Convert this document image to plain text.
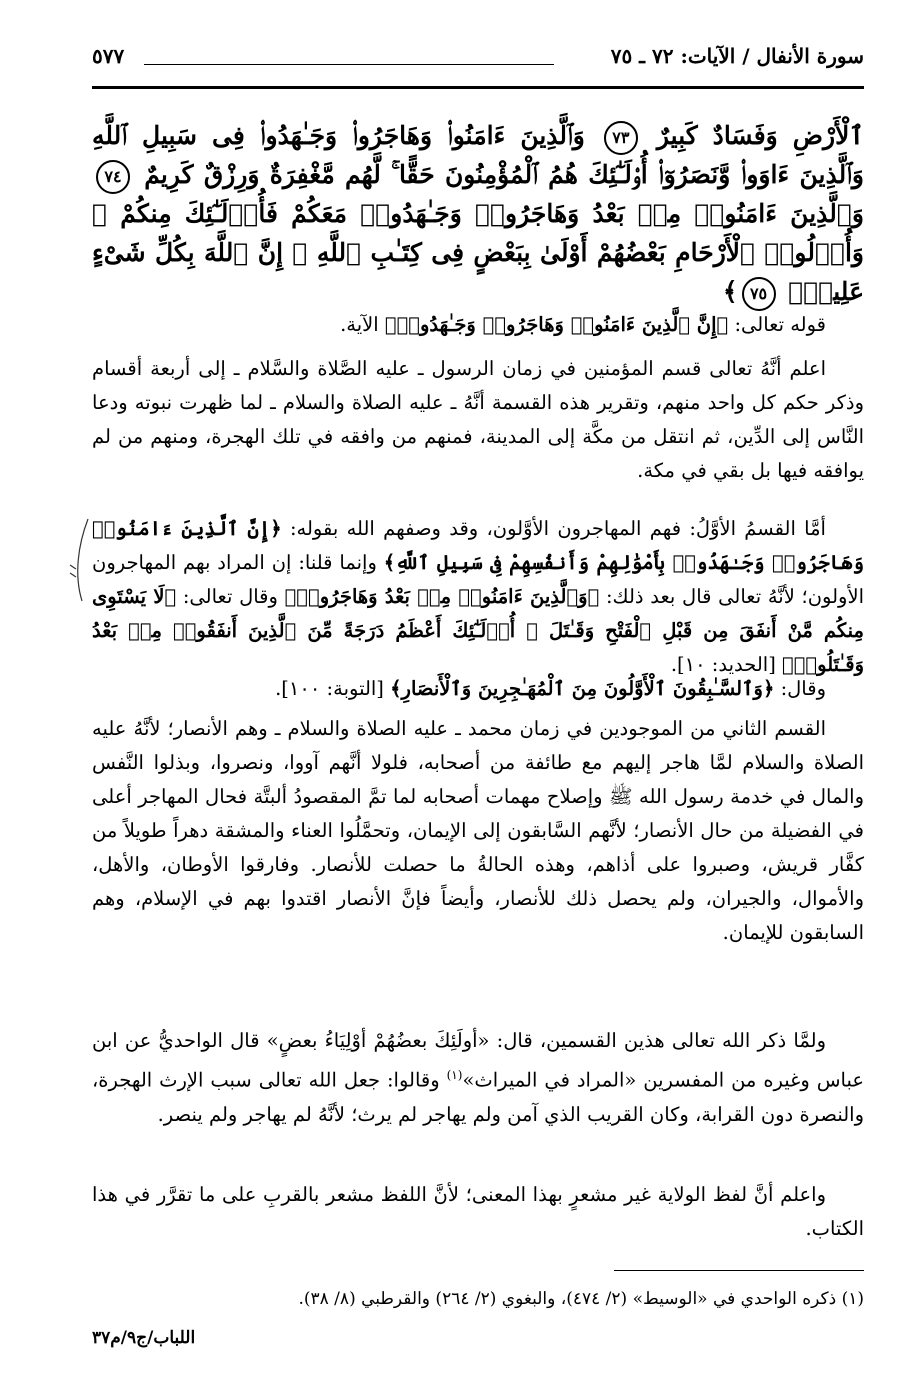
سورة الأنفال / الآيات: ٧٢ ـ ٧٥
٥٧٧
ٱلْأَرْضِ وَفَسَادٌ كَبِيرٌ ٧٣ وَٱلَّذِينَ ءَامَنُوا۟ وَهَاجَرُوا۟ وَجَـٰهَدُوا۟ فِى سَبِيلِ ٱللَّهِ وَٱلَّذِينَ ءَاوَوا۟ وَّنَصَرُوٓا۟ أُو۟لَـٰٓئِكَ هُمُ ٱلْمُؤْمِنُونَ حَقًّا ۚ لَّهُم مَّغْفِرَةٌ وَرِزْقٌ كَرِيمٌ ٧٤ وَٱلَّذِينَ ءَامَنُوا۟ مِنۢ بَعْدُ وَهَاجَرُوا۟ وَجَـٰهَدُوا۟ مَعَكُمْ فَأُو۟لَـٰٓئِكَ مِنكُمْ ۚ وَأُو۟لُوا۟ ٱلْأَرْحَامِ بَعْضُهُمْ أَوْلَىٰ بِبَعْضٍ فِى كِتَـٰبِ ٱللَّهِ ۗ إِنَّ ٱللَّهَ بِكُلِّ شَىْءٍ عَلِيمٌۢ ٧٥﴾
قوله تعالى: ﴿إِنَّ ٱلَّذِينَ ءَامَنُوا۟ وَهَاجَرُوا۟ وَجَـٰهَدُوا۟﴾ الآية.
اعلم أنَّهُ تعالى قسم المؤمنين في زمان الرسول ـ عليه الصَّلاة والسَّلام ـ إلى أربعة أقسام وذكر حكم كل واحد منهم، وتقرير هذه القسمة أنَّهُ ـ عليه الصلاة والسلام ـ لما ظهرت نبوته ودعا النَّاس إلى الدِّين، ثم انتقل من مكَّة إلى المدينة، فمنهم من وافقه في تلك الهجرة، ومنهم من لم يوافقه فيها بل بقي في مكة.
أمَّا القسمُ الأوَّلُ: فهم المهاجرون الأوَّلون، وقد وصفهم الله بقوله: ﴿إِنَّ ٱلَّذِينَ ءَامَنُوا۟ وَهَاجَرُوا۟ وَجَـٰهَدُوا۟ بِأَمْوَٰلِهِمْ وَأَنفُسِهِمْ فِى سَبِيلِ ٱللَّهِ﴾ وإنما قلنا: إن المراد بهم المهاجرون الأولون؛ لأنَّهُ تعالى قال بعد ذلك: ﴿وَٱلَّذِينَ ءَامَنُوا۟ مِنۢ بَعْدُ وَهَاجَرُوا۟﴾ وقال تعالى: ﴿لَا يَسْتَوِى مِنكُم مَّنْ أَنفَقَ مِن قَبْلِ ٱلْفَتْحِ وَقَـٰتَلَ ۚ أُو۟لَـٰٓئِكَ أَعْظَمُ دَرَجَةً مِّنَ ٱلَّذِينَ أَنفَقُوا۟ مِنۢ بَعْدُ وَقَـٰتَلُوا۟﴾ [الحديد: ١٠].
وقال: ﴿وَٱلسَّـٰبِقُونَ ٱلْأَوَّلُونَ مِنَ ٱلْمُهَـٰجِرِينَ وَٱلْأَنصَارِ﴾ [التوبة: ١٠٠].
القسم الثاني من الموجودين في زمان محمد ـ عليه الصلاة والسلام ـ وهم الأنصار؛ لأنَّهُ عليه الصلاة والسلام لمَّا هاجر إليهم مع طائفة من أصحابه، فلولا أنَّهم آووا، ونصروا، وبذلوا النَّفس والمال في خدمة رسول الله ﷺ وإصلاح مهمات أصحابه لما تمَّ المقصودُ ألبتَّة فحال المهاجر أعلى في الفضيلة من حال الأنصار؛ لأنَّهم السَّابقون إلى الإيمان، وتحمَّلُوا العناء والمشقة دهراً طويلاً من كفَّار قريش، وصبروا على أذاهم، وهذه الحالةُ ما حصلت للأنصار. وفارقوا الأوطان، والأهل، والأموال، والجيران، ولم يحصل ذلك للأنصار، وأيضاً فإنَّ الأنصار اقتدوا بهم في الإسلام، وهم السابقون للإيمان.
ولمَّا ذكر الله تعالى هذين القسمين، قال: «أولَئِكَ بعضُهُمْ أوْلِيَاءُ بعضٍ» قال الواحديُّ عن ابن عباس وغيره من المفسرين «المراد في الميراث»$^{(١)}$ وقالوا: جعل الله تعالى سبب الإرث الهجرة، والنصرة دون القرابة، وكان القريب الذي آمن ولم يهاجر لم يرث؛ لأنَّهُ لم يهاجر ولم ينصر.
واعلم أنَّ لفظ الولاية غير مشعرٍ بهذا المعنى؛ لأنَّ اللفظ مشعر بالقربِ على ما تقرَّر في هذا الكتاب.
(١) ذكره الواحدي في «الوسيط» (٢/ ٤٧٤)، والبغوي (٢/ ٢٦٤) والقرطبي (٨/ ٣٨).
اللباب/ج٩/م٣٧
